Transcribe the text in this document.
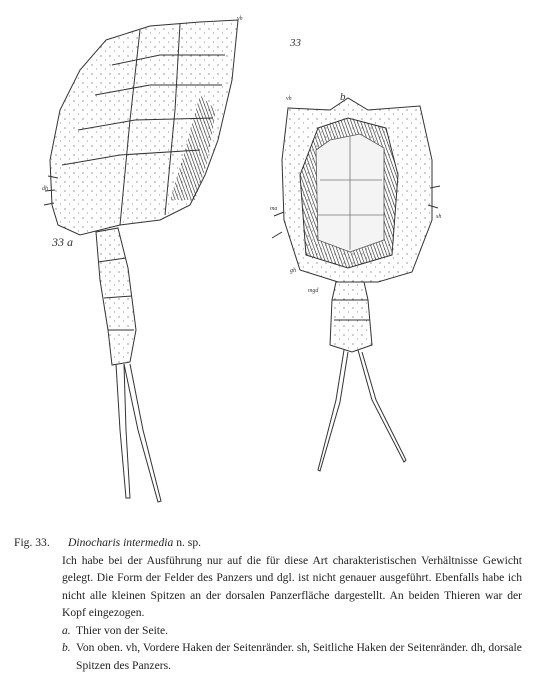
33
33 a
vh
dh
vh	b
ma
sh
gh
mgd
Fig. 33. Dinocharis intermedia n. sp.
Ich habe bei der Ausführung nur auf die für diese Art charakteristischen Verhältnisse Gewicht gelegt. Die Form der Felder des Panzers und dgl. ist nicht genauer ausgeführt. Ebenfalls habe ich nicht alle kleinen Spitzen an der dorsalen Panzerfläche dargestellt. An beiden Thieren war der Kopf eingezogen.
a. Thier von der Seite.
b. Von oben. vh, Vordere Haken der Seitenränder. sh, Seitliche Haken der Seitenränder. dh, dorsale Spitzen des Panzers.
